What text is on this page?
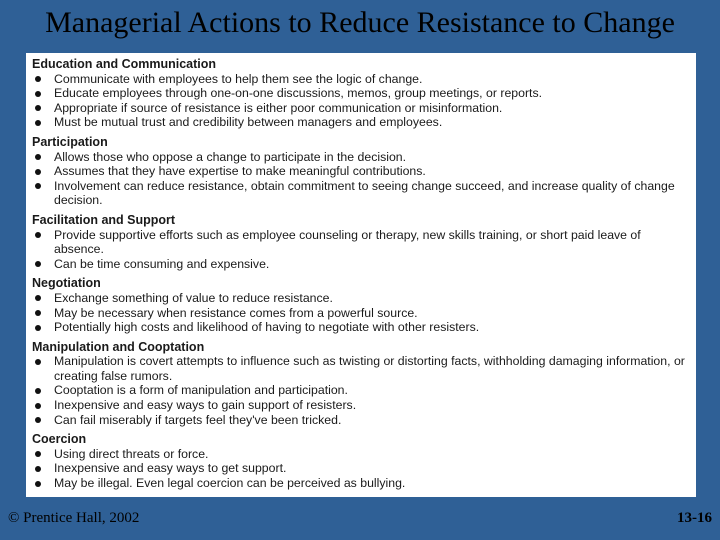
Managerial Actions to Reduce Resistance to Change
Education and Communication
Communicate with employees to help them see the logic of change.
Educate employees through one-on-one discussions, memos, group meetings, or reports.
Appropriate if source of resistance is either poor communication or misinformation.
Must be mutual trust and credibility between managers and employees.
Participation
Allows those who oppose a change to participate in the decision.
Assumes that they have expertise to make meaningful contributions.
Involvement can reduce resistance, obtain commitment to seeing change succeed, and increase quality of change decision.
Facilitation and Support
Provide supportive efforts such as employee counseling or therapy, new skills training, or short paid leave of absence.
Can be time consuming and expensive.
Negotiation
Exchange something of value to reduce resistance.
May be necessary when resistance comes from a powerful source.
Potentially high costs and likelihood of having to negotiate with other resisters.
Manipulation and Cooptation
Manipulation is covert attempts to influence such as twisting or distorting facts, withholding damaging information, or creating false rumors.
Cooptation is a form of manipulation and participation.
Inexpensive and easy ways to gain support of resisters.
Can fail miserably if targets feel they've been tricked.
Coercion
Using direct threats or force.
Inexpensive and easy ways to get support.
May be illegal. Even legal coercion can be perceived as bullying.
© Prentice Hall, 2002	13-16
